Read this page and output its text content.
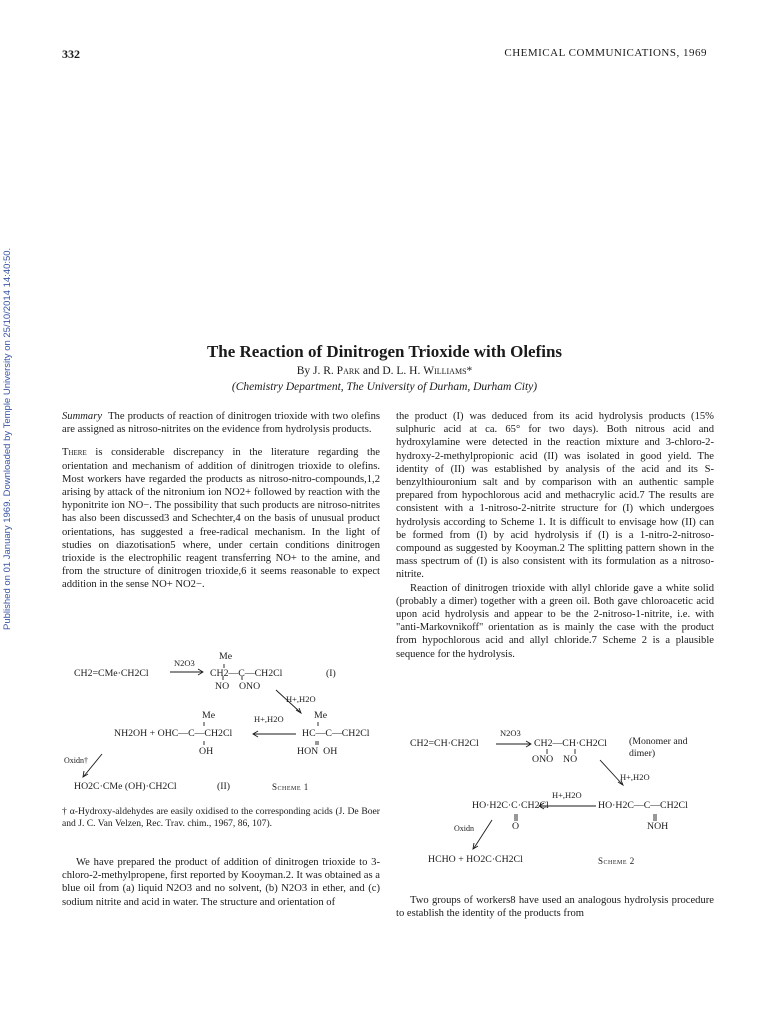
332	CHEMICAL COMMUNICATIONS, 1969
Published on 01 January 1969. Downloaded by Temple University on 25/10/2014 14:40:50.	The Reaction of Dinitrogen Trioxide with Olefins
By J. R. Park and D. L. H. Williams*
(Chemistry Department, The University of Durham, Durham City)

Summary The products of reaction of dinitrogen trioxide with two olefins are assigned as nitroso-nitrites on the evidence from hydrolysis products.

There is considerable discrepancy in the literature regarding the orientation and mechanism of addition of dinitrogen trioxide to olefins. Most workers have regarded the products as nitroso-nitro-compounds,1,2 arising by attack of the nitronium ion NO2+ followed by reaction with the hyponitrite ion NO−. The possibility that such products are nitroso-nitrites has also been discussed3 and Schechter,4 on the basis of unusual product orientations, has suggested a free-radical mechanism. In the light of studies on diazotisation5 where, under certain conditions dinitrogen trioxide is the electrophilic reagent transferring NO+ to the amine, and from the structure of dinitrogen trioxide,6 it seems reasonable to expect addition in the sense NO+ NO2−.

CH2=CMe·CH2Cl
N2O3
Me
CH2—C—CH2Cl	(I)
NO    ONO
H+,H2O
Me	H+,H2O	Me
NH2OH + OHC—C—CH2Cl	HC—C—CH2Cl
OH	HON  OH
Oxidn†
HO2C·CMe (OH)·CH2Cl	(II)	Scheme 1
† α-Hydroxy-aldehydes are easily oxidised to the corresponding acids (J. De Boer and J. C. Van Velzen, Rec. Trav. chim., 1967, 86, 107).

We have prepared the product of addition of dinitrogen trioxide to 3-chloro-2-methylpropene, first reported by Kooyman.2. It was obtained as a blue oil from (a) liquid N2O3 and no solvent, (b) N2O3 in ether, and (c) sodium nitrite and acid in water. The structure and orientation of

the product (I) was deduced from its acid hydrolysis products (15% sulphuric acid at ca. 65° for two days). Both nitrous acid and hydroxylamine were detected in the reaction mixture and 3-chloro-2-hydroxy-2-methylpropionic acid (II) was isolated in good yield. The identity of (II) was established by analysis of the acid and its S-benzylthiouronium salt and by comparison with an authentic sample prepared from hypochlorous acid and methacrylic acid.7 The results are consistent with a 1-nitroso-2-nitrite structure for (I) which undergoes hydrolysis according to Scheme 1. It is difficult to envisage how (II) can be formed from (I) by acid hydrolysis if (I) is a 1-nitro-2-nitroso-compound as suggested by Kooyman.2 The splitting pattern shown in the mass spectrum of (I) is also consistent with its formulation as a nitroso-nitrite.

Reaction of dinitrogen trioxide with allyl chloride gave a white solid (probably a dimer) together with a green oil. Both gave chloroacetic acid upon acid hydrolysis and appear to be the 2-nitroso-1-nitrite, i.e. with "anti-Markovnikoff" orientation as is mainly the case with the product from hypochlorous acid and allyl chloride.7 Scheme 2 is a plausible sequence for the hydrolysis.

CH2=CH·CH2Cl
N2O3
CH2—CH·CH2Cl (Monomer and dimer)
ONO    NO
H+,H2O
H+,H2O
HO·H2C·C·CH2Cl	HO·H2C—C—CH2Cl
O	NOH
Oxidn
HCHO + HO2C·CH2Cl	Scheme 2

Two groups of workers8 have used an analogous hydrolysis procedure to establish the identity of the products from
